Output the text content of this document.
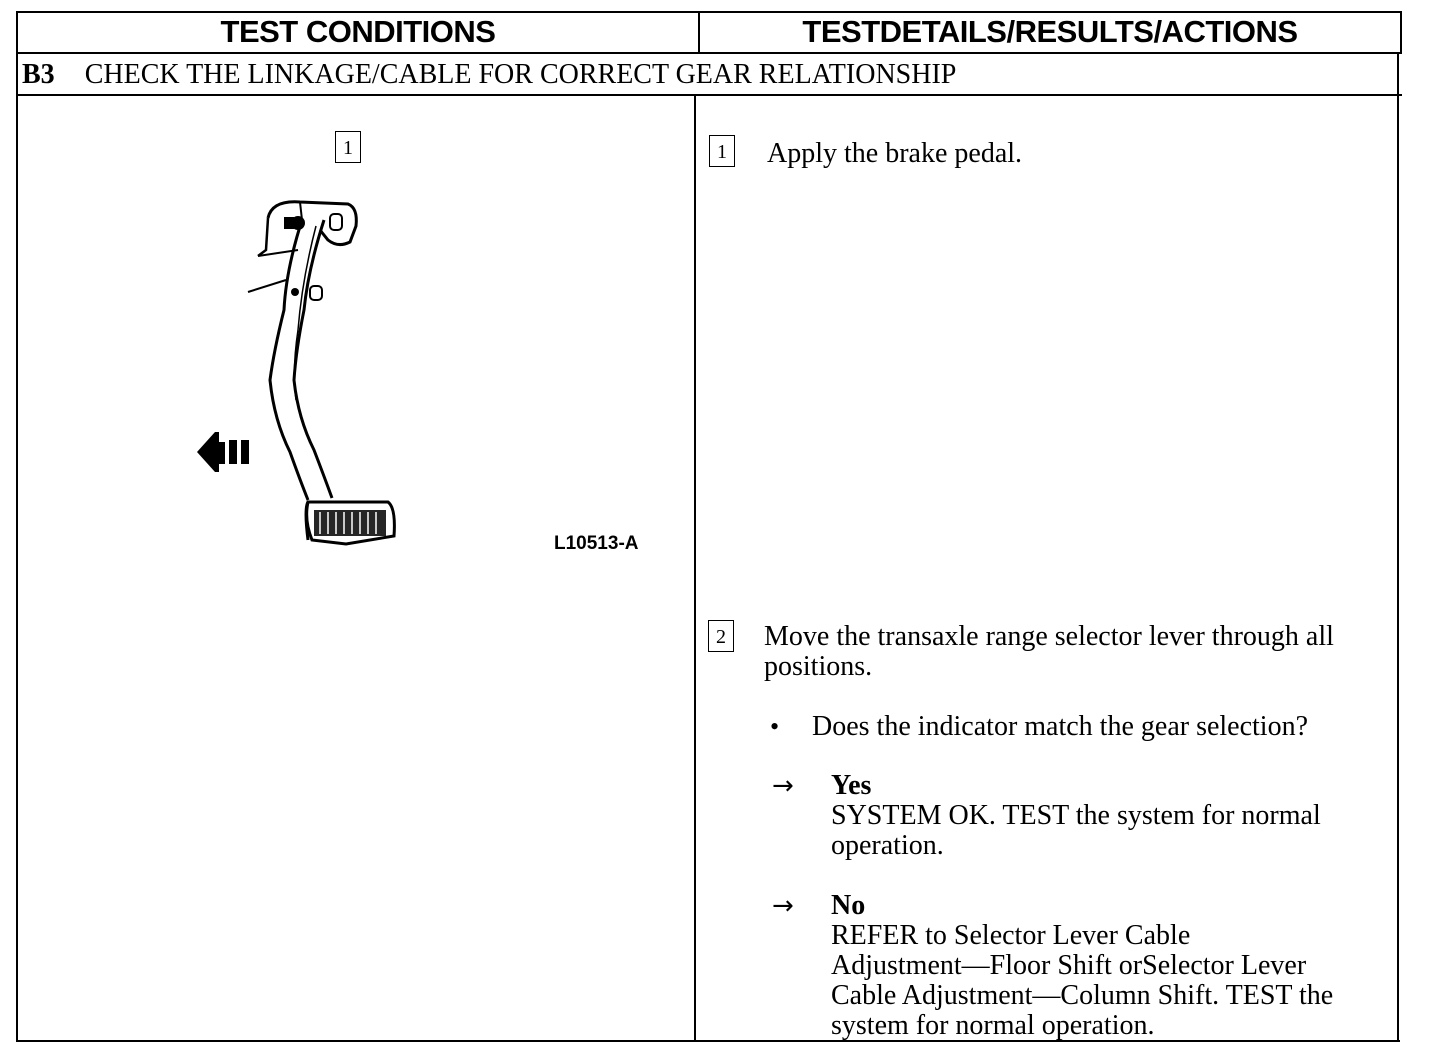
TEST CONDITIONS	TESTDETAILS/RESULTS/ACTIONS
B3 CHECK THE LINKAGE/CABLE FOR CORRECT GEAR RELATIONSHIP
1
L10513-A
1 Apply the brake pedal.
2 Move the transaxle range selector lever through all
positions.
• Does the indicator match the gear selection?
→ Yes
SYSTEM OK. TEST the system for normal
operation.
→ No
REFER to Selector Lever Cable
Adjustment—Floor Shift orSelector Lever
Cable Adjustment—Column Shift. TEST the
system for normal operation.
